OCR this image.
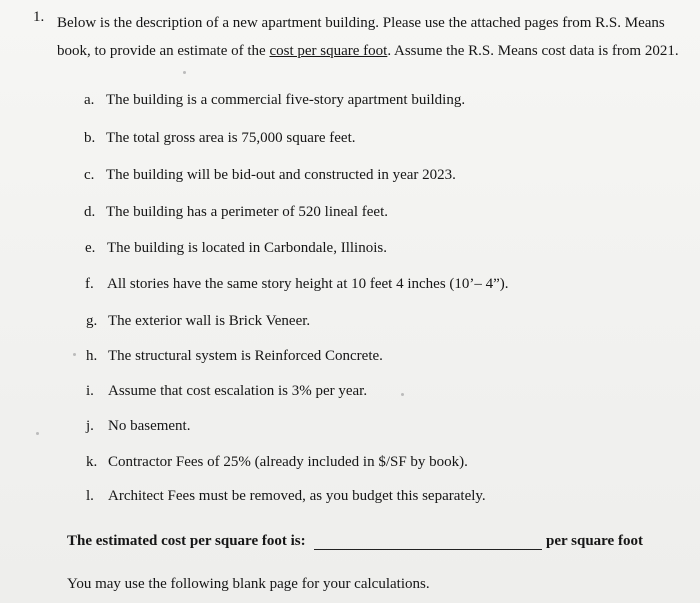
1. Below is the description of a new apartment building. Please use the attached pages from R.S. Means book, to provide an estimate of the cost per square foot. Assume the R.S. Means cost data is from 2021.
a. The building is a commercial five-story apartment building.
b. The total gross area is 75,000 square feet.
c. The building will be bid-out and constructed in year 2023.
d. The building has a perimeter of 520 lineal feet.
e. The building is located in Carbondale, Illinois.
f. All stories have the same story height at 10 feet 4 inches (10’– 4”).
g. The exterior wall is Brick Veneer.
h. The structural system is Reinforced Concrete.
i. Assume that cost escalation is 3% per year.
j. No basement.
k. Contractor Fees of 25% (already included in $/SF by book).
l. Architect Fees must be removed, as you budget this separately.
The estimated cost per square foot is:	per square foot
You may use the following blank page for your calculations.
